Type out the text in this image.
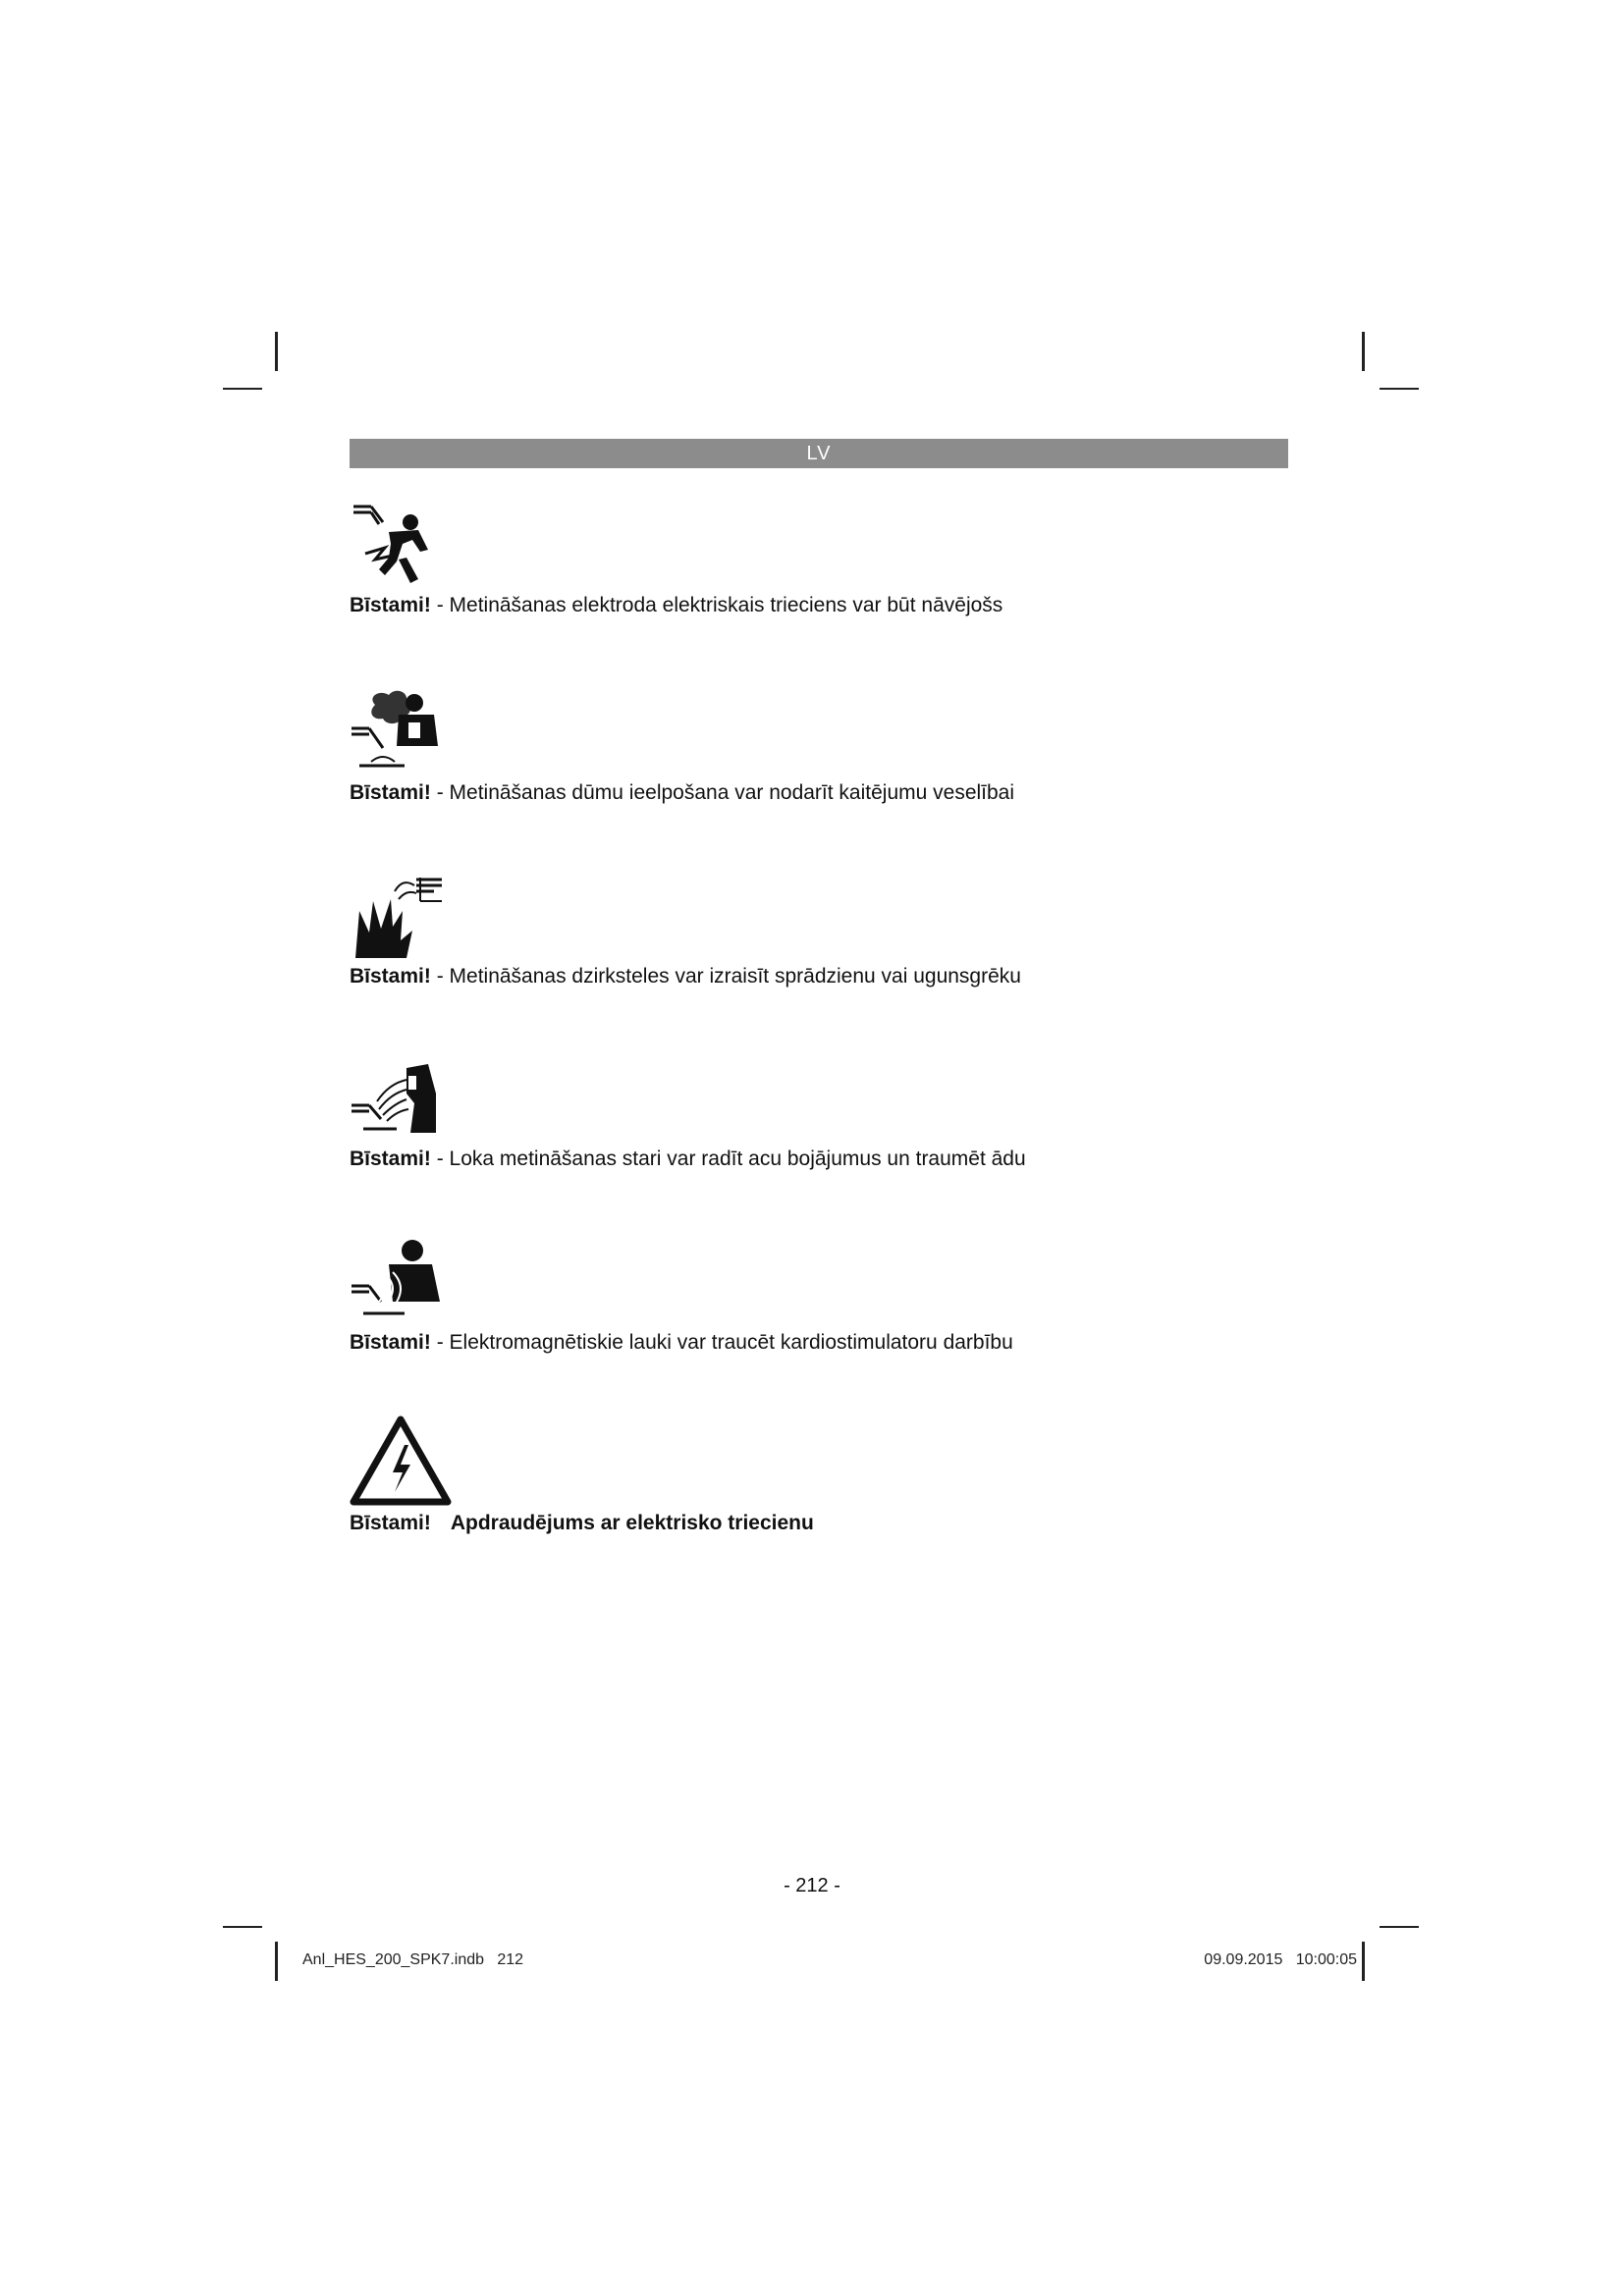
LV
Bīstami! - Metināšanas elektroda elektriskais trieciens var būt nāvējošs
Bīstami! - Metināšanas dūmu ieelpošana var nodarīt kaitējumu veselībai
Bīstami! - Metināšanas dzirksteles var izraisīt sprādzienu vai ugunsgrēku
Bīstami! - Loka metināšanas stari var radīt acu bojājumus un traumēt ādu
Bīstami! - Elektromagnētiskie lauki var traucēt kardiostimulatoru darbību
Bīstami! Apdraudējums ar elektrisko triecienu
- 212 -
Anl_HES_200_SPK7.indb   212	09.09.2015   10:00:05
